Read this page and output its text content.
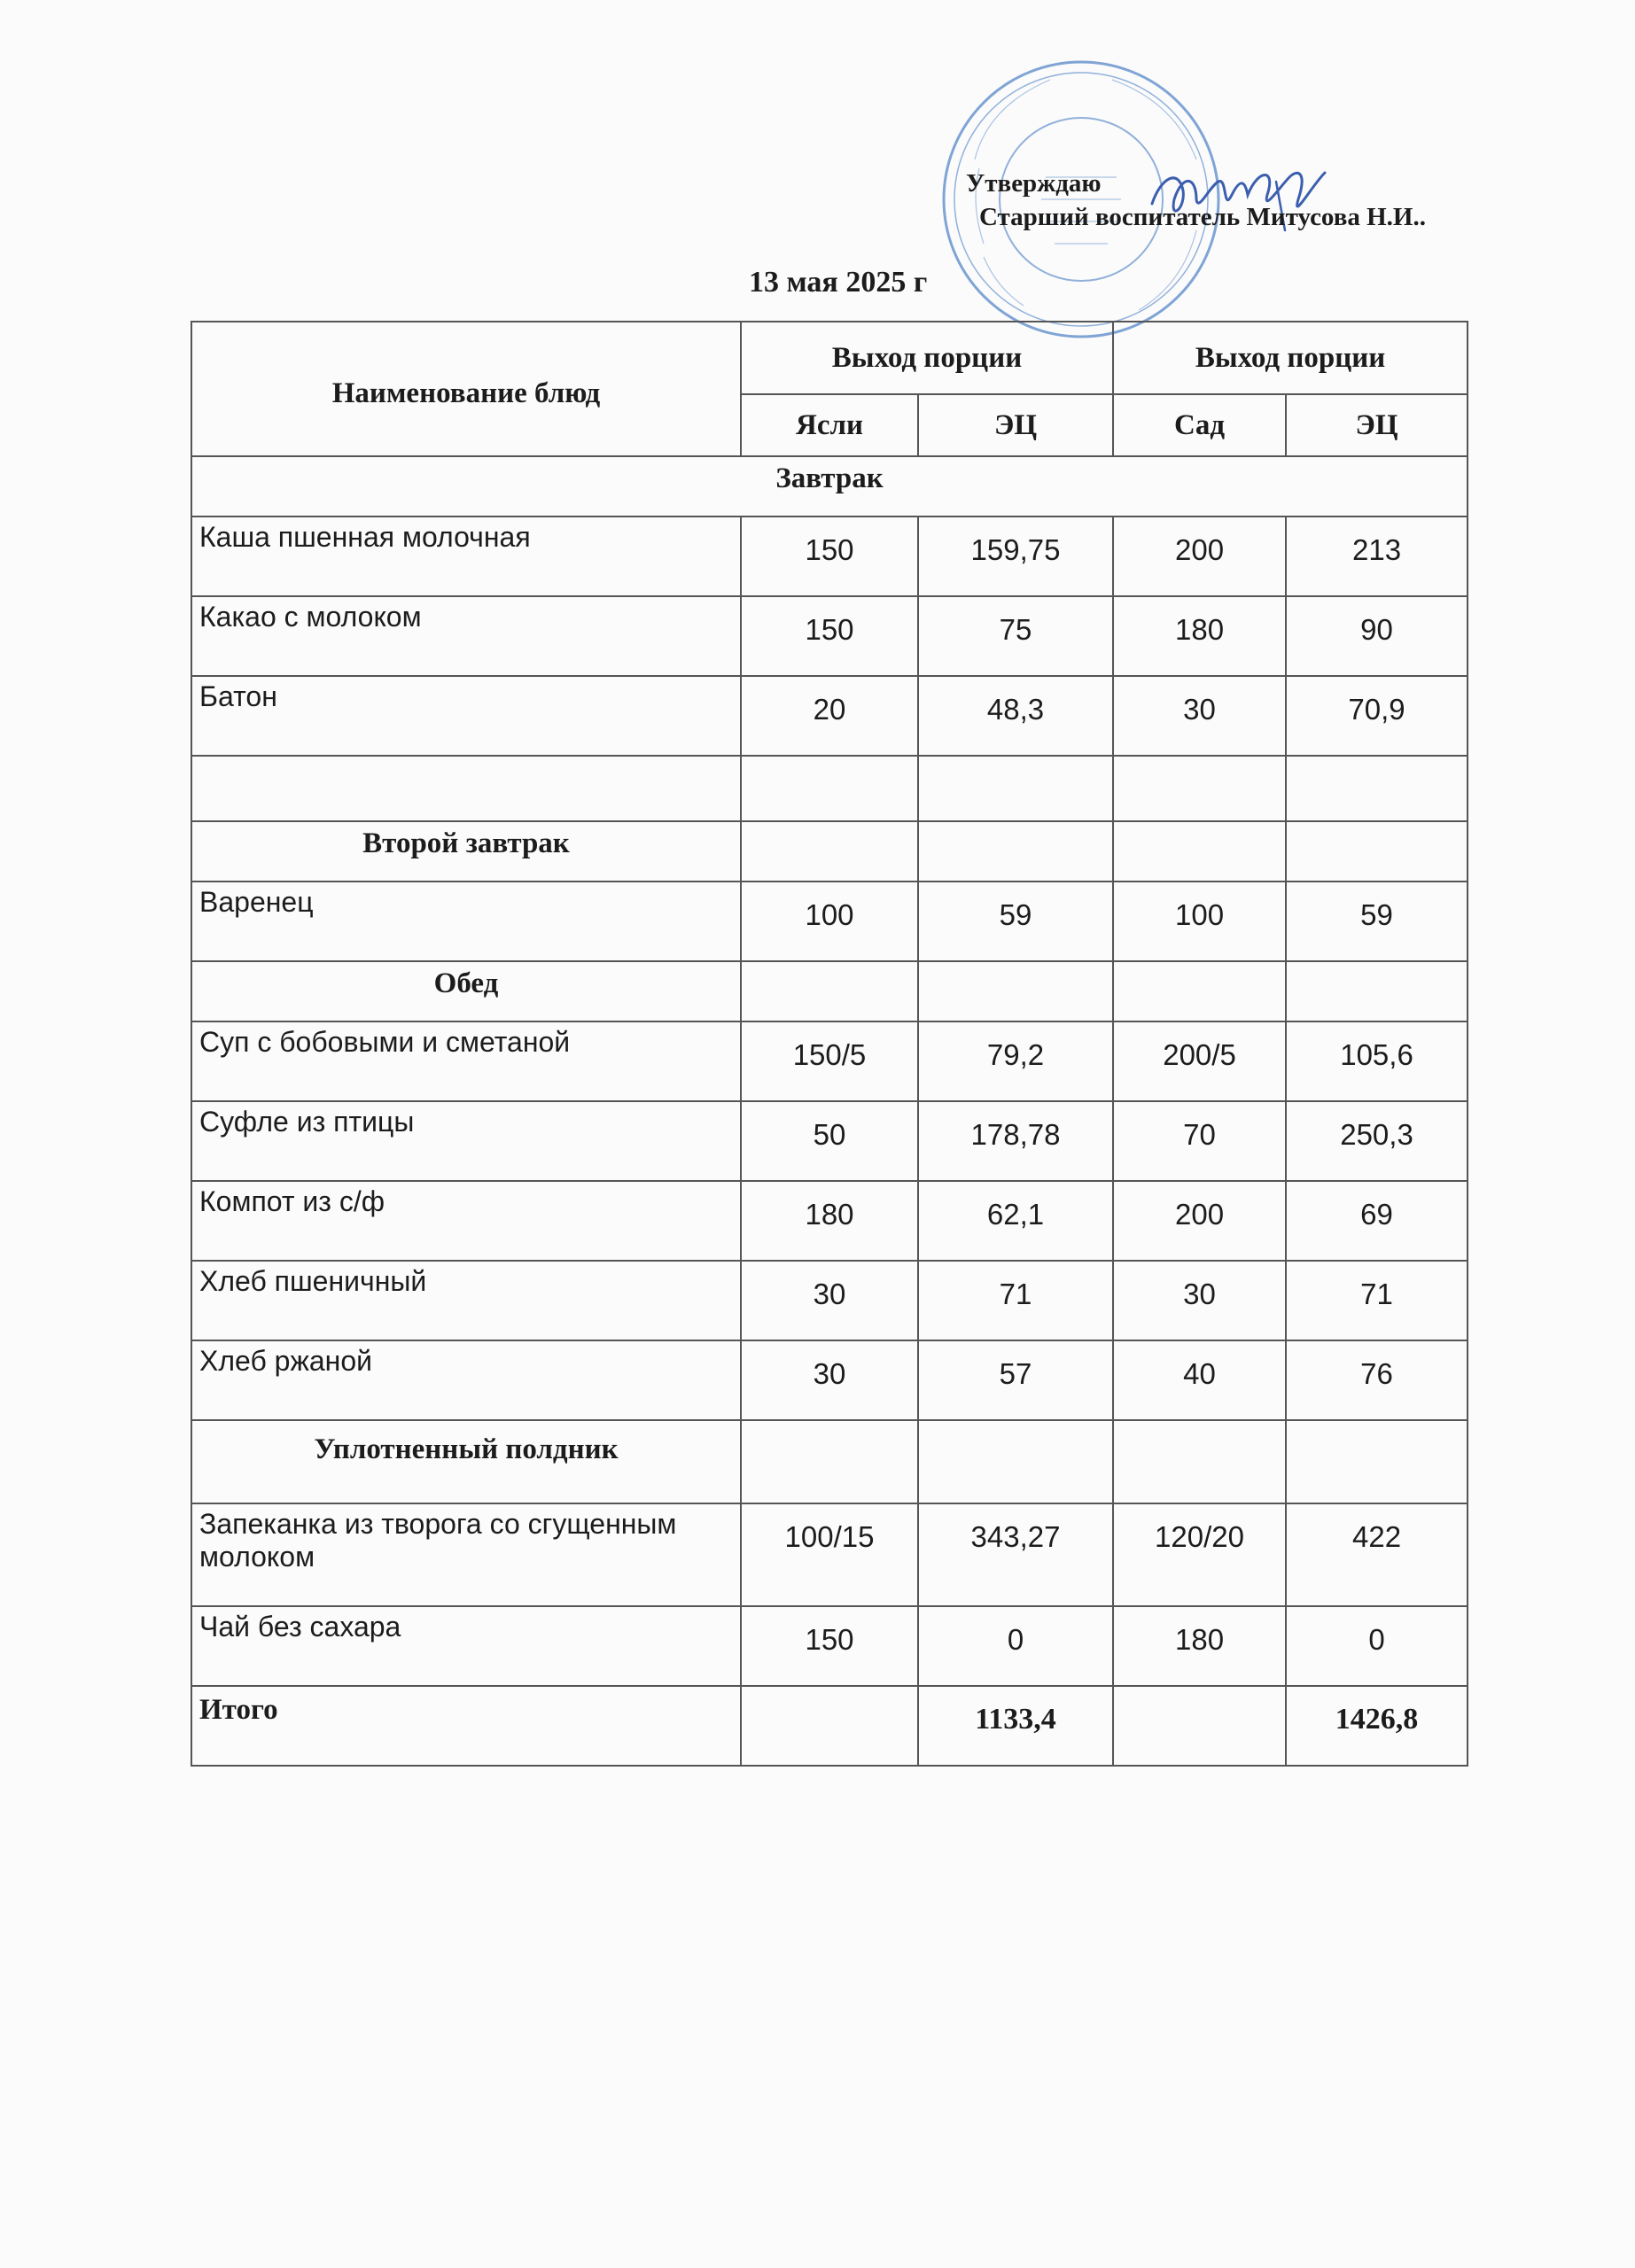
Утверждаю
Старший воспитатель Митусова Н.И..
13 мая 2025 г
Наименование блюд	Выход порции		Выход порции	
	Ясли	ЭЦ	Сад	ЭЦ
Завтрак				
Каша пшенная молочная	150	159,75	200	213
Какао с молоком	150	75	180	90
Батон	20	48,3	30	70,9

Второй завтрак				
Варенец	100	59	100	59
Обед				
Суп с бобовыми и сметаной	150/5	79,2	200/5	105,6
Суфле из птицы	50	178,78	70	250,3
Компот из с/ф	180	62,1	200	69
Хлеб пшеничный	30	71	30	71
Хлеб ржаной	30	57	40	76
Уплотненный полдник				
Запеканка из творога со сгущенным молоком	100/15	343,27	120/20	422
Чай без сахара	150	0	180	0
Итого		1133,4		1426,8
